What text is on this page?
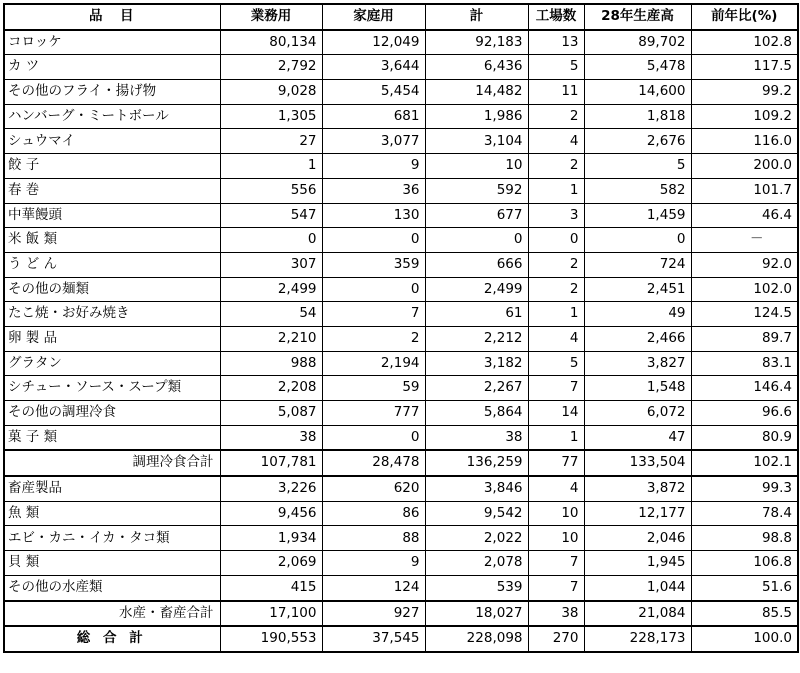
品　目	業務用	家庭用	計	工場数	28年生産高	前年比(%)
コロッケ	80,134	12,049	92,183	13	89,702	102.8
カ ツ	2,792	3,644	6,436	5	5,478	117.5
その他のフライ・揚げ物	9,028	5,454	14,482	11	14,600	99.2
ハンバーグ・ミートボール	1,305	681	1,986	2	1,818	109.2
シュウマイ	27	3,077	3,104	4	2,676	116.0
餃 子	1	9	10	2	5	200.0
春 巻	556	36	592	1	582	101.7
中華饅頭	547	130	677	3	1,459	46.4
米 飯 類	0	0	0	0	0	－
う ど ん	307	359	666	2	724	92.0
その他の麺類	2,499	0	2,499	2	2,451	102.0
たこ焼・お好み焼き	54	7	61	1	49	124.5
卵 製 品	2,210	2	2,212	4	2,466	89.7
グラタン	988	2,194	3,182	5	3,827	83.1
シチュー・ソース・スープ類	2,208	59	2,267	7	1,548	146.4
その他の調理冷食	5,087	777	5,864	14	6,072	96.6
菓 子 類	38	0	38	1	47	80.9
調理冷食合計	107,781	28,478	136,259	77	133,504	102.1
畜産製品	3,226	620	3,846	4	3,872	99.3
魚 類	9,456	86	9,542	10	12,177	78.4
エビ・カニ・イカ・タコ類	1,934	88	2,022	10	2,046	98.8
貝 類	2,069	9	2,078	7	1,945	106.8
その他の水産類	415	124	539	7	1,044	51.6
水産・畜産合計	17,100	927	18,027	38	21,084	85.5
総 合 計	190,553	37,545	228,098	270	228,173	100.0
